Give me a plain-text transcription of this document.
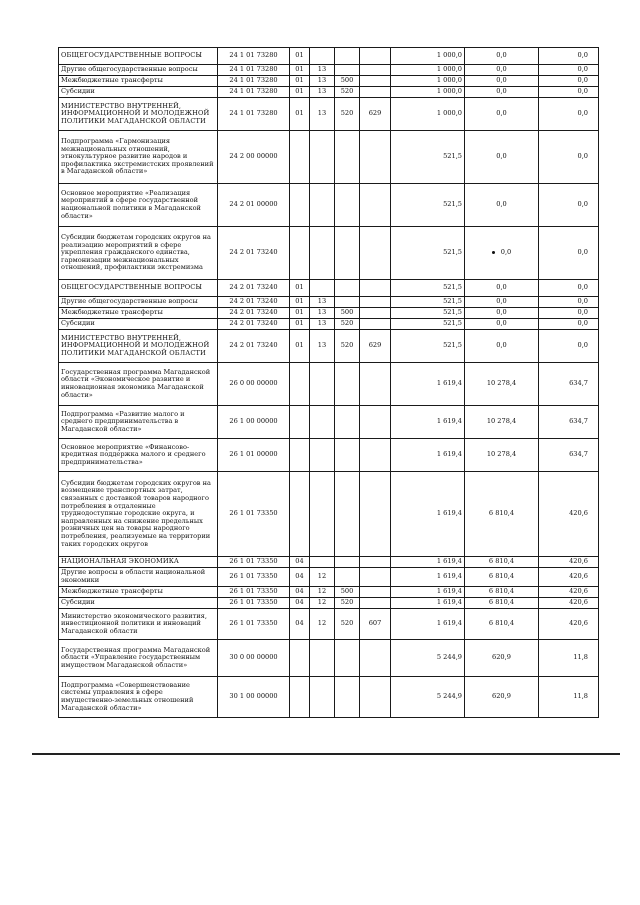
ОБЩЕГОСУДАРСТВЕННЫЕ ВОПРОСЫ	24 1 01 73280	01				1 000,0	0,0	0,0
Другие общегосударственные вопросы	24 1 01 73280	01	13			1 000,0	0,0	0,0
Межбюджетные трансферты	24 1 01 73280	01	13	500		1 000,0	0,0	0,0
Субсидии	24 1 01 73280	01	13	520		1 000,0	0,0	0,0
МИНИСТЕРСТВО ВНУТРЕННЕЙ, ИНФОРМАЦИОННОЙ И МОЛОДЕЖНОЙ ПОЛИТИКИ МАГАДАНСКОЙ ОБЛАСТИ	24 1 01 73280	01	13	520	629	1 000,0	0,0	0,0
Подпрограмма «Гармонизация межнациональных отношений, этнокультурное развитие народов и профилактика экстремистских проявлений в Магаданской области»	24 2 00 00000					521,5	0,0	0,0
Основное мероприятие «Реализация мероприятий в сфере государственной национальной политики в Магаданской области»	24 2 01 00000					521,5	0,0	0,0
Субсидии бюджетам городских округов на реализацию мероприятий в сфере укрепления гражданского единства, гармонизации межнациональных отношений, профилактики экстремизма	24 2 01 73240					521,5	0,0	0,0
ОБЩЕГОСУДАРСТВЕННЫЕ ВОПРОСЫ	24 2 01 73240	01				521,5	0,0	0,0
Другие общегосударственные вопросы	24 2 01 73240	01	13			521,5	0,0	0,0
Межбюджетные трансферты	24 2 01 73240	01	13	500		521,5	0,0	0,0
Субсидии	24 2 01 73240	01	13	520		521,5	0,0	0,0
МИНИСТЕРСТВО ВНУТРЕННЕЙ, ИНФОРМАЦИОННОЙ И МОЛОДЕЖНОЙ ПОЛИТИКИ МАГАДАНСКОЙ ОБЛАСТИ	24 2 01 73240	01	13	520	629	521,5	0,0	0,0
Государственная программа Магаданской области «Экономическое развитие и инновационная экономика Магаданской области»	26 0 00 00000					1 619,4	10 278,4	634,7
Подпрограмма «Развитие малого и среднего предпринимательства в Магаданской области»	26 1 00 00000					1 619,4	10 278,4	634,7
Основное мероприятие «Финансово-кредитная поддержка малого и среднего предпринимательства»	26 1 01 00000					1 619,4	10 278,4	634,7
Субсидии бюджетам городских округов на возмещение транспортных затрат, связанных с доставкой товаров народного потребления в отдаленные труднодоступные городские округа, и направленных на снижение предельных розничных цен на товары народного потребления, реализуемые на территории таких городских округов	26 1 01 73350					1 619,4	6 810,4	420,6
НАЦИОНАЛЬНАЯ ЭКОНОМИКА	26 1 01 73350	04				1 619,4	6 810,4	420,6
Другие вопросы в области национальной экономики	26 1 01 73350	04	12			1 619,4	6 810,4	420,6
Межбюджетные трансферты	26 1 01 73350	04	12	500		1 619,4	6 810,4	420,6
Субсидии	26 1 01 73350	04	12	520		1 619,4	6 810,4	420,6
Министерство экономического развития, инвестиционной политики и инноваций Магаданской области	26 1 01 73350	04	12	520	607	1 619,4	6 810,4	420,6
Государственная программа Магаданской области «Управление государственным имуществом Магаданской области»	30 0 00 00000					5 244,9	620,9	11,8
Подпрограмма «Совершенствование системы управления в сфере имущественно-земельных отношений Магаданской области»	30 1 00 00000					5 244,9	620,9	11,8
